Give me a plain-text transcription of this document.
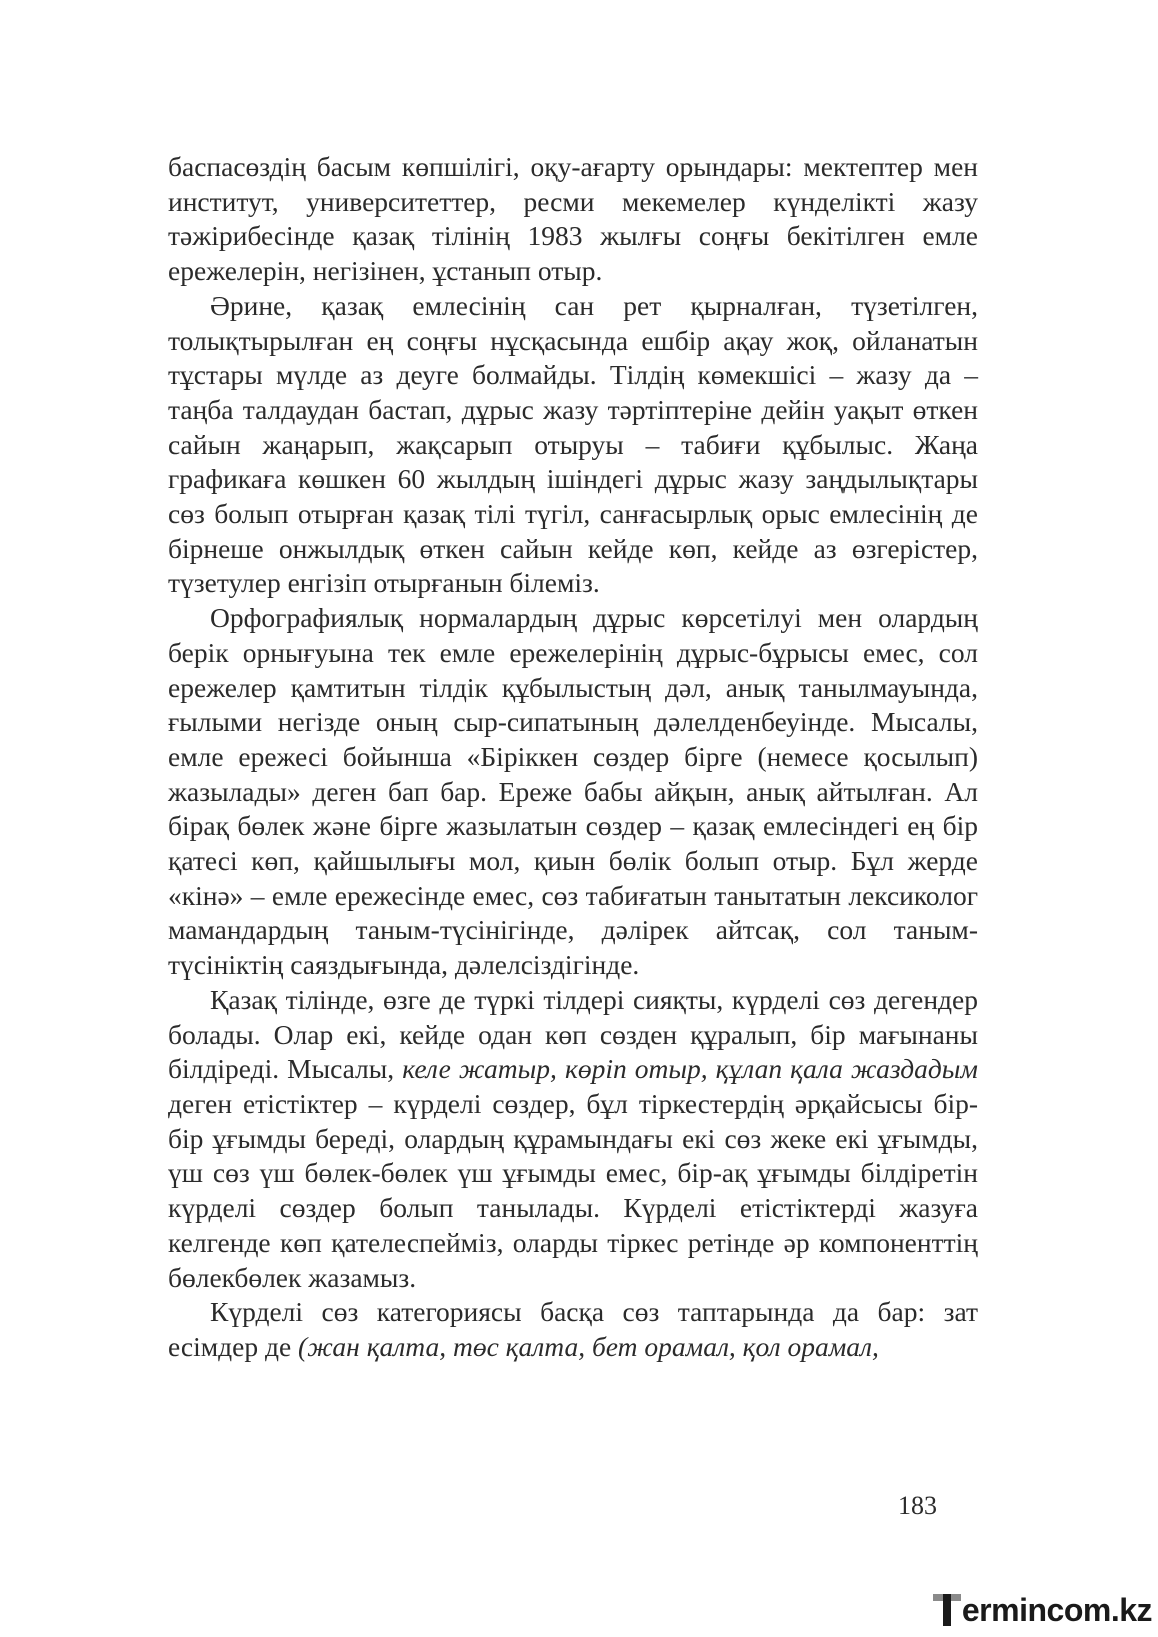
баспасөздің басым көпшілігі, оқу-ағарту орындары: мектептер мен институт, университеттер, ресми мекемелер күнделікті жазу тәжірибесінде қазақ тілінің 1983 жылғы соңғы бекітілген емле ережелерін, негізінен, ұстанып отыр.

Әрине, қазақ емлесінің сан рет қырналған, түзетілген, толықтырылған ең соңғы нұсқасында ешбір ақау жоқ, ойланатын тұстары мүлде аз деуге болмайды. Тілдің көмекшісі – жазу да – таңба талдаудан бастап, дұрыс жазу тәртіптеріне дейін уақыт өткен сайын жаңарып, жақсарып отыруы – табиғи құбылыс. Жаңа графикаға көшкен 60 жылдың ішіндегі дұрыс жазу заңдылықтары сөз болып отырған қазақ тілі түгіл, санғасырлық орыс емлесінің де бірнеше онжылдық өткен сайын кейде көп, кейде аз өзгерістер, түзетулер енгізіп отырғанын білеміз.

Орфографиялық нормалардың дұрыс көрсетілуі мен олардың берік орнығуына тек емле ережелерінің дұрыс-бұрысы емес, сол ережелер қамтитын тілдік құбылыстың дәл, анық танылмауында, ғылыми негізде оның сыр-сипатының дәлелденбеуінде. Мысалы, емле ережесі бойынша «Біріккен сөздер бірге (немесе қосылып) жазылады» деген бап бар. Ереже бабы айқын, анық айтылған. Ал бірақ бөлек және бірге жазылатын сөздер – қазақ емлесіндегі ең бір қатесі көп, қайшылығы мол, қиын бөлік болып отыр. Бұл жерде «кінә» – емле ережесінде емес, сөз табиғатын танытатын лексиколог мамандардың таным-түсінігінде, дәлірек айтсақ, сол таным- түсініктің саяздығында, дәлелсіздігінде.

Қазақ тілінде, өзге де түркі тілдері сияқты, күрделі сөз дегендер болады. Олар екі, кейде одан көп сөзден құралып, бір мағынаны білдіреді. Мысалы, келе жатыр, көріп отыр, құлап қала жаздадым деген етістіктер – күрделі сөздер, бұл тіркестердің әрқайсысы бір-бір ұғымды береді, олардың құрамындағы екі сөз жеке екі ұғымды, үш сөз үш бөлек-бөлек үш ұғымды емес, бір-ақ ұғымды білдіретін күрделі сөздер болып танылады. Күрделі етістіктерді жазуға келгенде көп қателеспейміз, оларды тіркес ретінде әр компоненттің бөлекбөлек жазамыз.

Күрделі сөз категориясы басқа сөз таптарында да бар: зат есімдер де (жан қалта, төс қалта, бет орамал, қол орамал,

183
ermincom.kz
